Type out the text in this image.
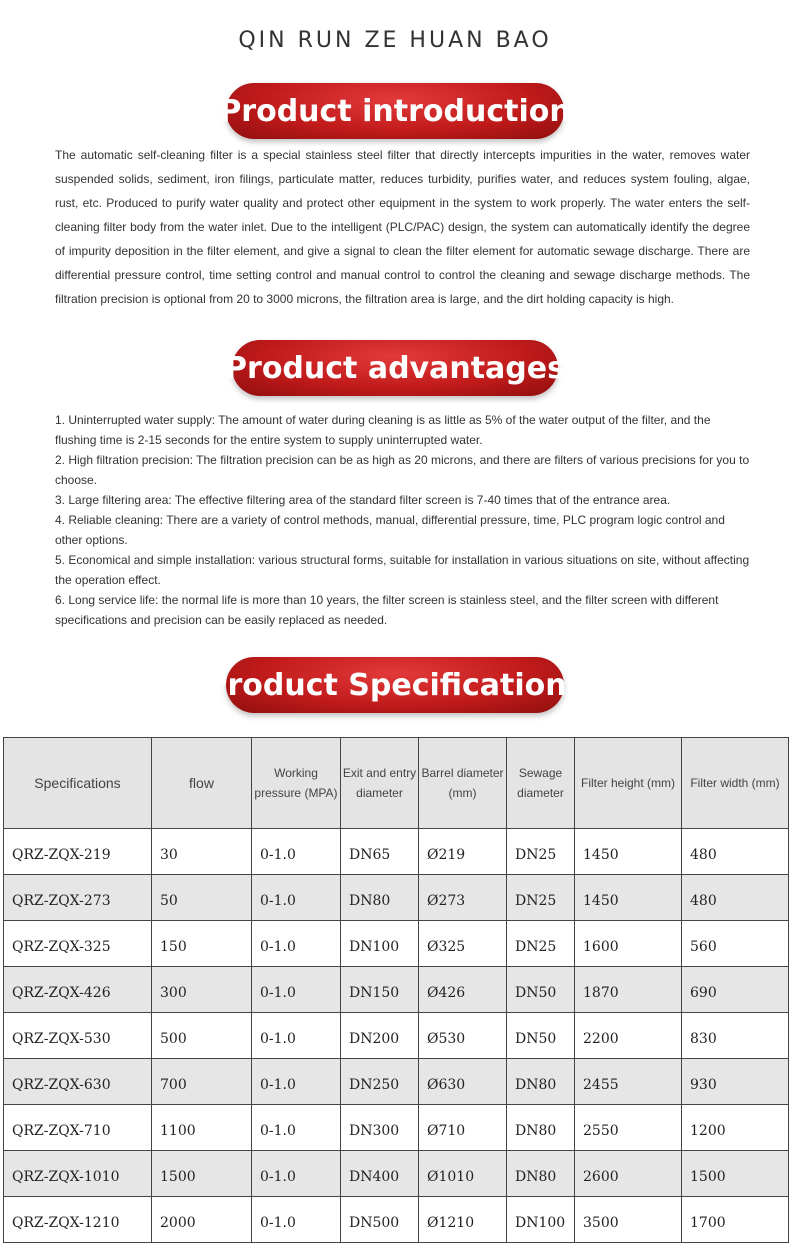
QIN RUN ZE HUAN BAO
Product introduction
The automatic self-cleaning filter is a special stainless steel filter that directly intercepts impurities in the water, removes water suspended solids, sediment, iron filings, particulate matter, reduces turbidity, purifies water, and reduces system fouling, algae, rust, etc. Produced to purify water quality and protect other equipment in the system to work properly. The water enters the self-cleaning filter body from the water inlet. Due to the intelligent (PLC/PAC) design, the system can automatically identify the degree of impurity deposition in the filter element, and give a signal to clean the filter element for automatic sewage discharge. There are differential pressure control, time setting control and manual control to control the cleaning and sewage discharge methods. The filtration precision is optional from 20 to 3000 microns, the filtration area is large, and the dirt holding capacity is high.
Product advantages

1. Uninterrupted water supply: The amount of water during cleaning is as little as 5% of the water output of the filter, and the flushing time is 2-15 seconds for the entire system to supply uninterrupted water.

2. High filtration precision: The filtration precision can be as high as 20 microns, and there are filters of various precisions for you to choose.

3. Large filtering area: The effective filtering area of the standard filter screen is 7-40 times that of the entrance area.

4. Reliable cleaning: There are a variety of control methods, manual, differential pressure, time, PLC program logic control and other options.

5. Economical and simple installation: various structural forms, suitable for installation in various situations on site, without affecting the operation effect.

6. Long service life: the normal life is more than 10 years, the filter screen is stainless steel, and the filter screen with different specifications and precision can be easily replaced as needed.

Product Specifications
Specifications	flow	Working pressure (MPA)	Exit and entry diameter	Barrel diameter (mm)	Sewage diameter	Filter height (mm)	Filter width (mm)
QRZ-ZQX-219	30	0-1.0	DN65	Ø219	DN25	1450	480
QRZ-ZQX-273	50	0-1.0	DN80	Ø273	DN25	1450	480
QRZ-ZQX-325	150	0-1.0	DN100	Ø325	DN25	1600	560
QRZ-ZQX-426	300	0-1.0	DN150	Ø426	DN50	1870	690
QRZ-ZQX-530	500	0-1.0	DN200	Ø530	DN50	2200	830
QRZ-ZQX-630	700	0-1.0	DN250	Ø630	DN80	2455	930
QRZ-ZQX-710	1100	0-1.0	DN300	Ø710	DN80	2550	1200
QRZ-ZQX-1010	1500	0-1.0	DN400	Ø1010	DN80	2600	1500
QRZ-ZQX-1210	2000	0-1.0	DN500	Ø1210	DN100	3500	1700
